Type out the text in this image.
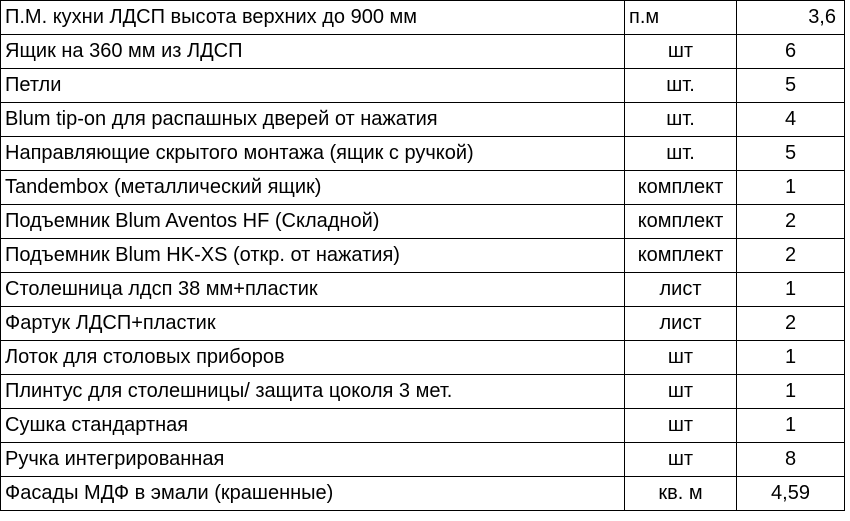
П.М. кухни ЛДСП высота верхних до 900 мм	п.м	3,6
Ящик на 360 мм из ЛДСП	шт	6
Петли	шт.	5
Blum tip-on для распашных дверей от нажатия	шт.	4
Направляющие скрытого монтажа (ящик с ручкой)	шт.	5
Tandembox (металлический ящик)	комплект	1
Подъемник Blum Aventos HF (Складной)	комплект	2
Подъемник Blum HK-XS (откр. от нажатия)	комплект	2
Столешница лдсп 38 мм+пластик	лист	1
Фартук ЛДСП+пластик	лист	2
Лоток для столовых приборов	шт	1
Плинтус для столешницы/ защита цоколя 3 мет.	шт	1
Сушка стандартная	шт	1
Ручка интегрированная	шт	8
Фасады МДФ в эмали (крашенные)	кв. м	4,59
